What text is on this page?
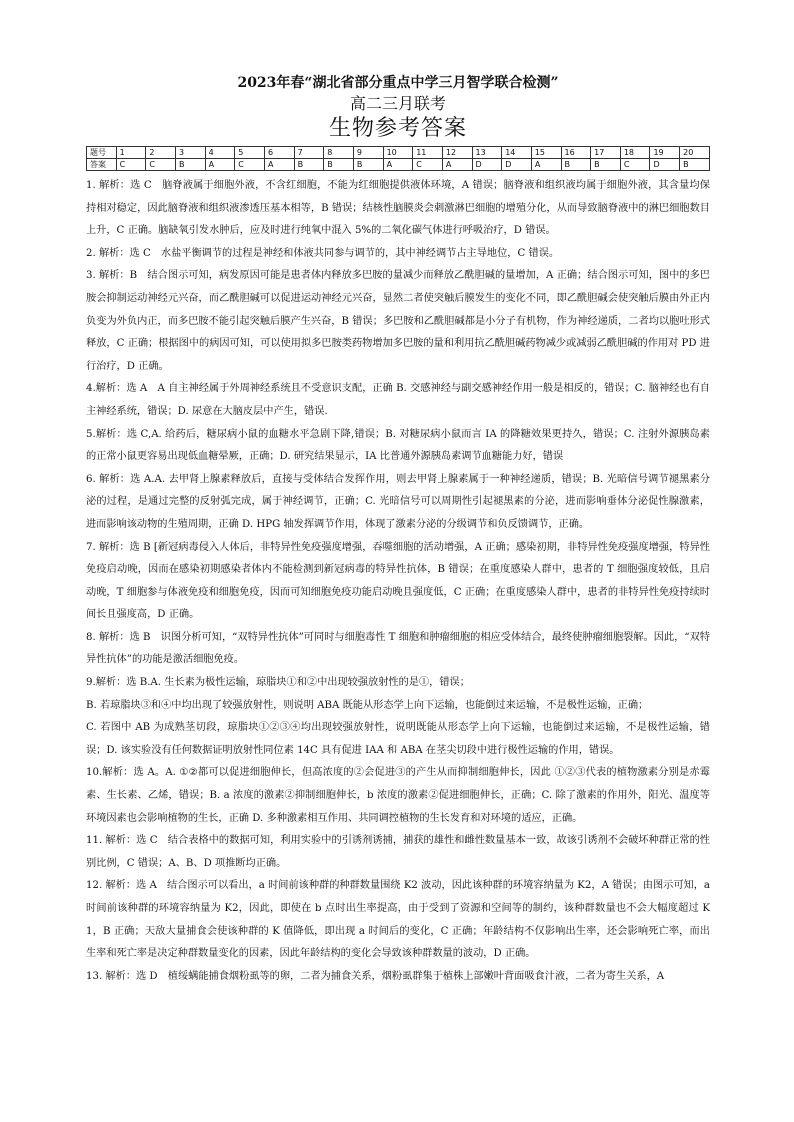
2023年春“湖北省部分重点中学三月智学联合检测”

高二三月联考

生物参考答案

题号	1	2	3	4	5	6	7	8	9	10	11	12	13	14	15	16	17	18	19	20
答案	C	C	B	A	C	A	B	B	B	A	C	A	D	D	A	B	B	C	D	B

1. 解析：选 C　脑脊液属于细胞外液，不含红细胞，不能为红细胞提供液体环境，A 错误；脑脊液和组织液均属于细胞外液，其含量均保持相对稳定，因此脑脊液和组织液渗透压基本相等，B 错误；结核性脑膜炎会刺激淋巴细胞的增殖分化，从而导致脑脊液中的淋巴细胞数目上升，C 正确。脑缺氧引发水肿后，应及时进行纯氧中混入 5%的二氧化碳气体进行呼吸治疗，D 错误。

2. 解析：选 C　水盐平衡调节的过程是神经和体液共同参与调节的，其中神经调节占主导地位，C 错误。

3. 解析：B　结合图示可知，病发原因可能是患者体内释放多巴胺的量减少而释放乙酰胆碱的量增加，A 正确；结合图示可知，图中的多巴胺会抑制运动神经元兴奋，而乙酰胆碱可以促进运动神经元兴奋，显然二者使突触后膜发生的变化不同，即乙酰胆碱会使突触后膜由外正内负变为外负内正，而多巴胺不能引起突触后膜产生兴奋，B 错误；多巴胺和乙酰胆碱都是小分子有机物，作为神经递质，二者均以胞吐形式释放，C 正确；根据图中的病因可知，可以使用拟多巴胺类药物增加多巴胺的量和利用抗乙酰胆碱药物减少或减弱乙酰胆碱的作用对 PD 进行治疗，D 正确。

4.解析：选 A　A 自主神经属于外周神经系统且不受意识支配，正确 B. 交感神经与副交感神经作用一般是相反的，错误；C. 脑神经也有自主神经系统，错误；D. 尿意在大脑皮层中产生，错误.

5.解析：选 C,A. 给药后，糖尿病小鼠的血糖水平急剧下降,错误；B. 对糖尿病小鼠而言 IA 的降糖效果更持久，错误；C. 注射外源胰岛素的正常小鼠更容易出现低血糖晕厥，正确；D. 研究结果显示，IA 比普通外源胰岛素调节血糖能力好，错误

6. 解析：选 A.A. 去甲肾上腺素释放后，直接与受体结合发挥作用，则去甲肾上腺素属于一种神经递质，错误；B. 光暗信号调节褪黑素分泌的过程，是通过完整的反射弧完成，属于神经调节，正确；C. 光暗信号可以周期性引起褪黑素的分泌，进而影响垂体分泌促性腺激素，进而影响该动物的生殖周期，正确 D. HPG 轴发挥调节作用，体现了激素分泌的分级调节和负反馈调节，正确。

7. 解析：选 B [新冠病毒侵入人体后，非特异性免疫强度增强，吞噬细胞的活动增强，A 正确；感染初期，非特异性免疫强度增强，特异性免疫启动晚，因而在感染初期感染者体内不能检测到新冠病毒的特异性抗体，B 错误；在重度感染人群中，患者的 T 细胞强度较低，且启动晚，T 细胞参与体液免疫和细胞免疫，因而可知细胞免疫功能启动晚且强度低，C 正确；在重度感染人群中，患者的非特异性免疫持续时间长且强度高，D 正确。

8. 解析：选 B　识图分析可知，“双特异性抗体”可同时与细胞毒性 T 细胞和肿瘤细胞的相应受体结合，最终使肿瘤细胞裂解。因此，“双特异性抗体”的功能是激活细胞免疫。

9.解析：选 B.A. 生长素为极性运输，琼脂块①和②中出现较强放射性的是①，错误；

B. 若琼脂块③和④中均出现了较强放射性，则说明 ABA 既能从形态学上向下运输，也能倒过来运输，不是极性运输，正确；

C. 若图中 AB 为成熟茎切段，琼脂块①②③④均出现较强放射性，说明既能从形态学上向下运输，也能倒过来运输，不是极性运输，错误；D. 该实验没有任何数据证明放射性同位素 14C 具有促进 IAA 和 ABA 在茎尖切段中进行极性运输的作用，错误。

10.解析：选 A。A. ①②都可以促进细胞伸长，但高浓度的②会促进③的产生从而抑制细胞伸长，因此 ①②③代表的植物激素分别是赤霉素、生长素、乙烯，错误；B. a 浓度的激素②抑制细胞伸长，b 浓度的激素②促进细胞伸长，正确；C. 除了激素的作用外，阳光、温度等环境因素也会影响植物的生长，正确 D. 多种激素相互作用、共同调控植物的生长发育和对环境的适应，正确。

11. 解析：选 C　结合表格中的数据可知，利用实验中的引诱剂诱捕，捕获的雄性和雌性数量基本一致，故该引诱剂不会破坏种群正常的性别比例，C 错误；A、B、D 项推断均正确。

12. 解析：选 A　结合图示可以看出，a 时间前该种群的种群数量围绕 K2 波动，因此该种群的环境容纳量为 K2，A 错误；由图示可知，a 时间前该种群的环境容纳量为 K2，因此，即使在 b 点时出生率提高，由于受到了资源和空间等的制约，该种群数量也不会大幅度超过 K1，B 正确；天敌大量捕食会使该种群的 K 值降低，即出现 a 时间后的变化，C 正确；年龄结构不仅影响出生率，还会影响死亡率，而出生率和死亡率是决定种群数量变化的因素，因此年龄结构的变化会导致该种群数量的波动，D 正确。

13. 解析：选 D　植绥螨能捕食烟粉虱等的卵，二者为捕食关系，烟粉虱群集于植株上部嫩叶背面吸食汁液，二者为寄生关系，A
